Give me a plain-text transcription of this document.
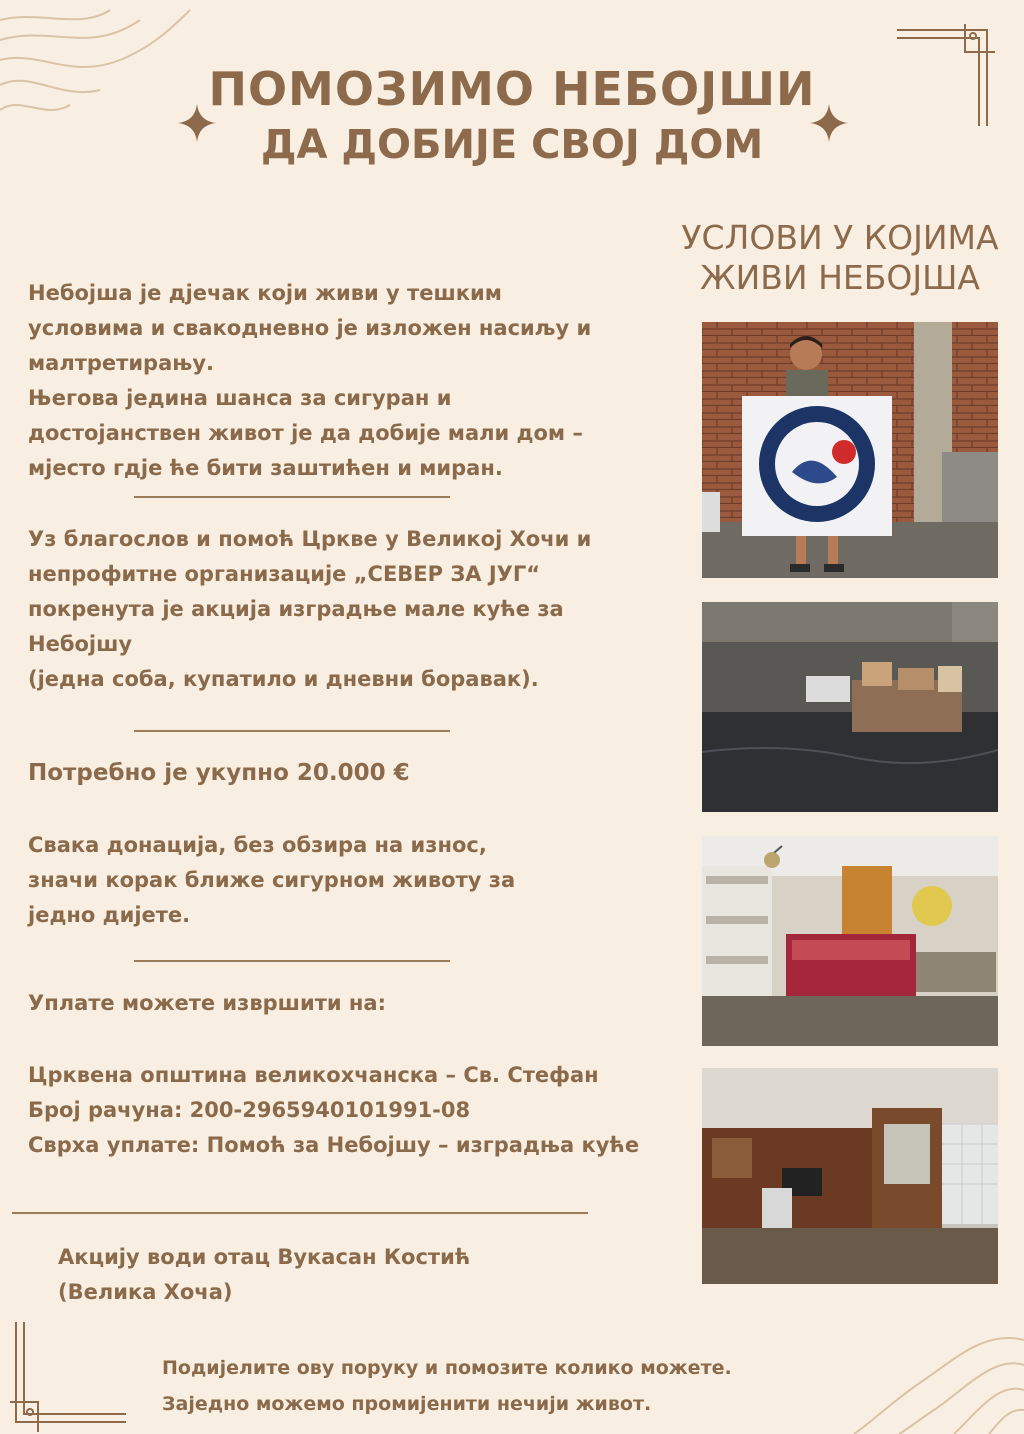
ПОМОЗИМО НЕБОЈШИ
ДА ДОБИЈЕ СВОЈ ДОМ
УСЛОВИ У КОЈИМА
ЖИВИ НЕБОЈША

Небојша је дјечак који живи у тешким
условима и свакодневно је изложен насиљу и
малтретирању.
Његова једина шанса за сигуран и
достојанствен живот је да добије мали дом –
мјесто гдје ће бити заштићен и миран.

Уз благослов и помоћ Цркве у Великој Хочи и
непрофитне организације „СЕВЕР ЗА ЈУГ“
покренута је акција изградње мале куће за
Небојшу
(једна соба, купатило и дневни боравак).

Потребно је укупно 20.000 €

Свака донација, без обзира на износ,
значи корак ближе сигурном животу за
једно дијете.

Уплате можете извршити на:

Црквена општина великохчанска – Св. Стефан
Број рачуна: 200-2965940101991-08
Сврха уплате: Помоћ за Небојшу – изградња куће

Акцију води отац Вукасан Костић
(Велика Хоча)

Подијелите ову поруку и помозите колико можете.
Заједно можемо промијенити нечији живот.
